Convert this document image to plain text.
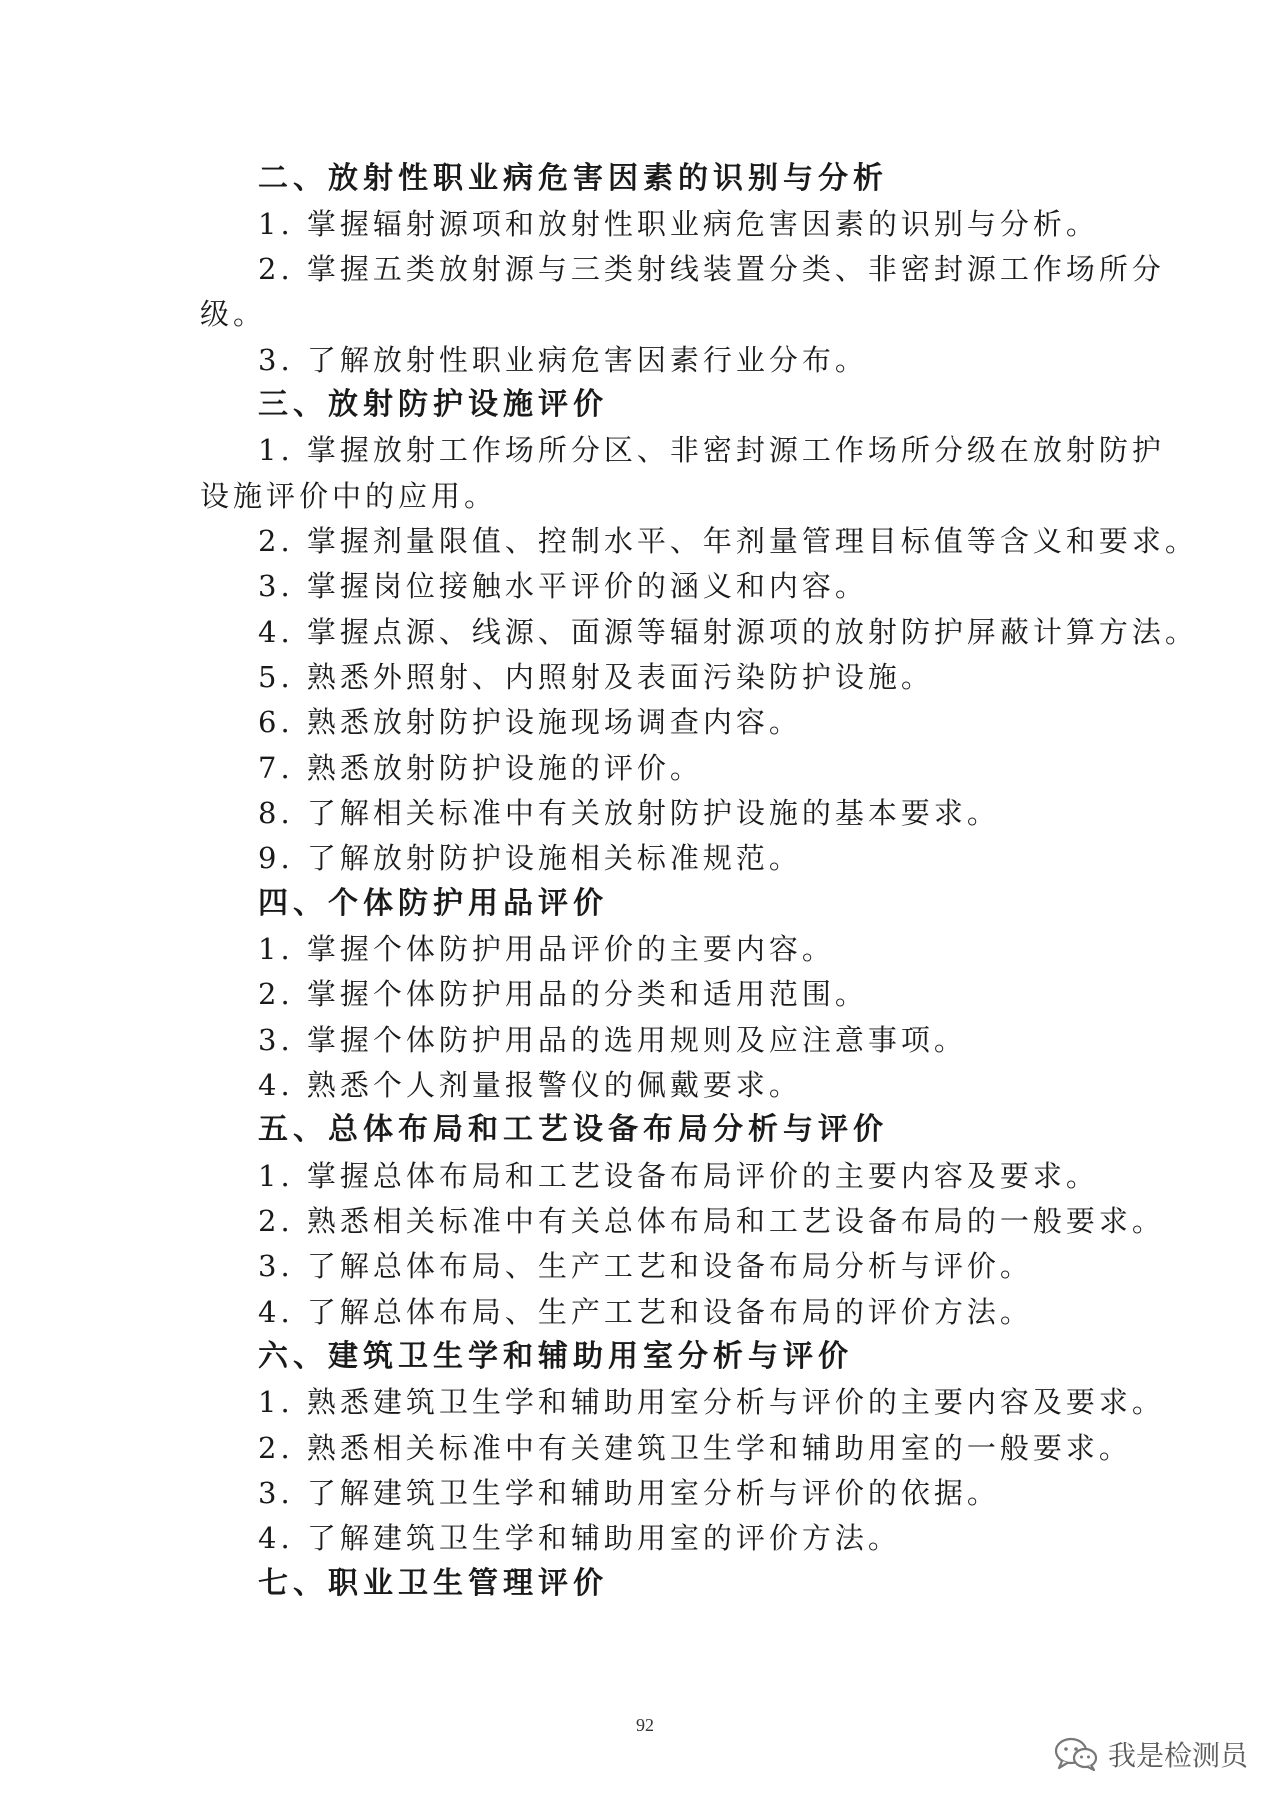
二、放射性职业病危害因素的识别与分析
1. 掌握辐射源项和放射性职业病危害因素的识别与分析。
2. 掌握五类放射源与三类射线装置分类、非密封源工作场所分
级。
3. 了解放射性职业病危害因素行业分布。
三、放射防护设施评价
1. 掌握放射工作场所分区、非密封源工作场所分级在放射防护
设施评价中的应用。
2. 掌握剂量限值、控制水平、年剂量管理目标值等含义和要求。
3. 掌握岗位接触水平评价的涵义和内容。
4. 掌握点源、线源、面源等辐射源项的放射防护屏蔽计算方法。
5. 熟悉外照射、内照射及表面污染防护设施。
6. 熟悉放射防护设施现场调查内容。
7. 熟悉放射防护设施的评价。
8. 了解相关标准中有关放射防护设施的基本要求。
9. 了解放射防护设施相关标准规范。
四、个体防护用品评价
1. 掌握个体防护用品评价的主要内容。
2. 掌握个体防护用品的分类和适用范围。
3. 掌握个体防护用品的选用规则及应注意事项。
4. 熟悉个人剂量报警仪的佩戴要求。
五、总体布局和工艺设备布局分析与评价
1. 掌握总体布局和工艺设备布局评价的主要内容及要求。
2. 熟悉相关标准中有关总体布局和工艺设备布局的一般要求。
3. 了解总体布局、生产工艺和设备布局分析与评价。
4. 了解总体布局、生产工艺和设备布局的评价方法。
六、建筑卫生学和辅助用室分析与评价
1. 熟悉建筑卫生学和辅助用室分析与评价的主要内容及要求。
2. 熟悉相关标准中有关建筑卫生学和辅助用室的一般要求。
3. 了解建筑卫生学和辅助用室分析与评价的依据。
4. 了解建筑卫生学和辅助用室的评价方法。
七、职业卫生管理评价
92
我是检测员
